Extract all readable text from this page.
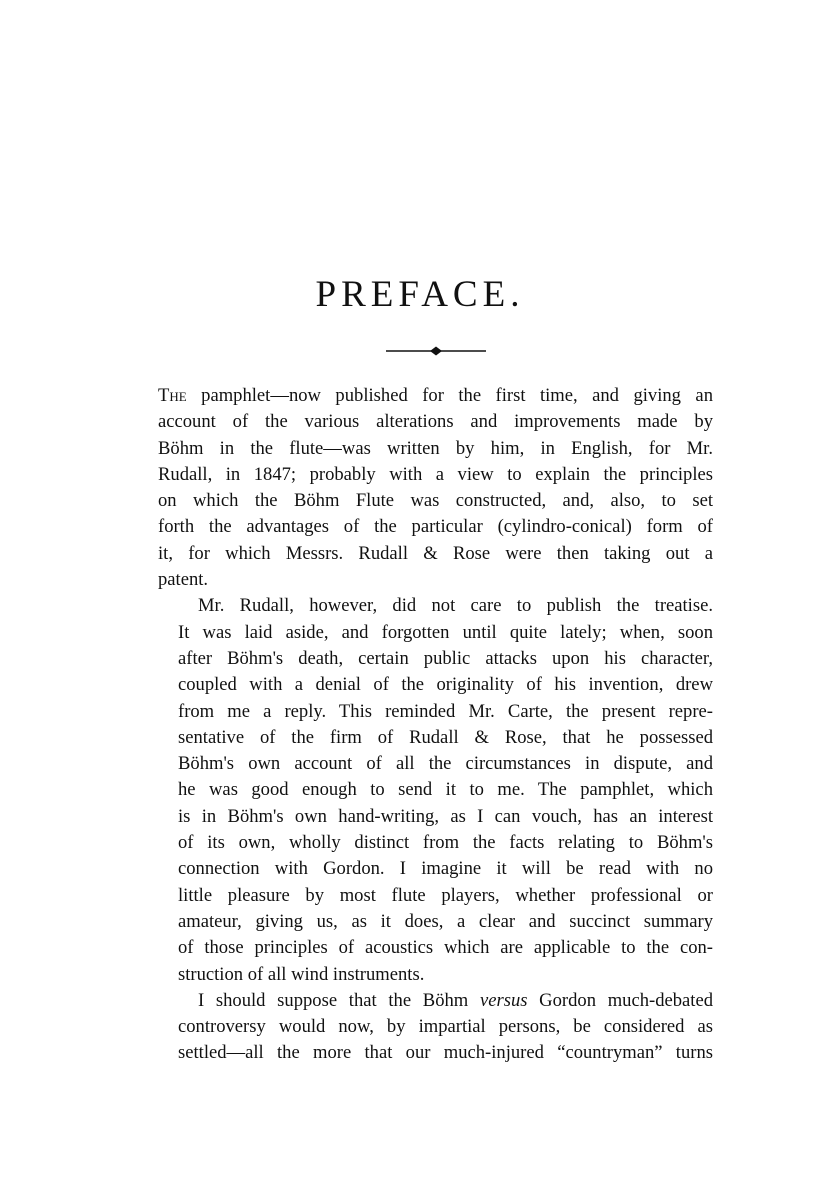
PREFACE.

The pamphlet—now published for the first time, and giving an
account of the various alterations and improvements made by
Böhm in the flute—was written by him, in English, for Mr.
Rudall, in 1847; probably with a view to explain the principles
on which the Böhm Flute was constructed, and, also, to set
forth the advantages of the particular (cylindro-conical) form of
it, for which Messrs. Rudall & Rose were then taking out a
patent.

Mr. Rudall, however, did not care to publish the treatise.
It was laid aside, and forgotten until quite lately; when, soon
after Böhm's death, certain public attacks upon his character,
coupled with a denial of the originality of his invention, drew
from me a reply. This reminded Mr. Carte, the present repre-
sentative of the firm of Rudall & Rose, that he possessed
Böhm's own account of all the circumstances in dispute, and
he was good enough to send it to me. The pamphlet, which
is in Böhm's own hand-writing, as I can vouch, has an interest
of its own, wholly distinct from the facts relating to Böhm's
connection with Gordon. I imagine it will be read with no
little pleasure by most flute players, whether professional or
amateur, giving us, as it does, a clear and succinct summary
of those principles of acoustics which are applicable to the con-
struction of all wind instruments.

I should suppose that the Böhm versus Gordon much-debated
controversy would now, by impartial persons, be considered as
settled—all the more that our much-injured “countryman” turns
